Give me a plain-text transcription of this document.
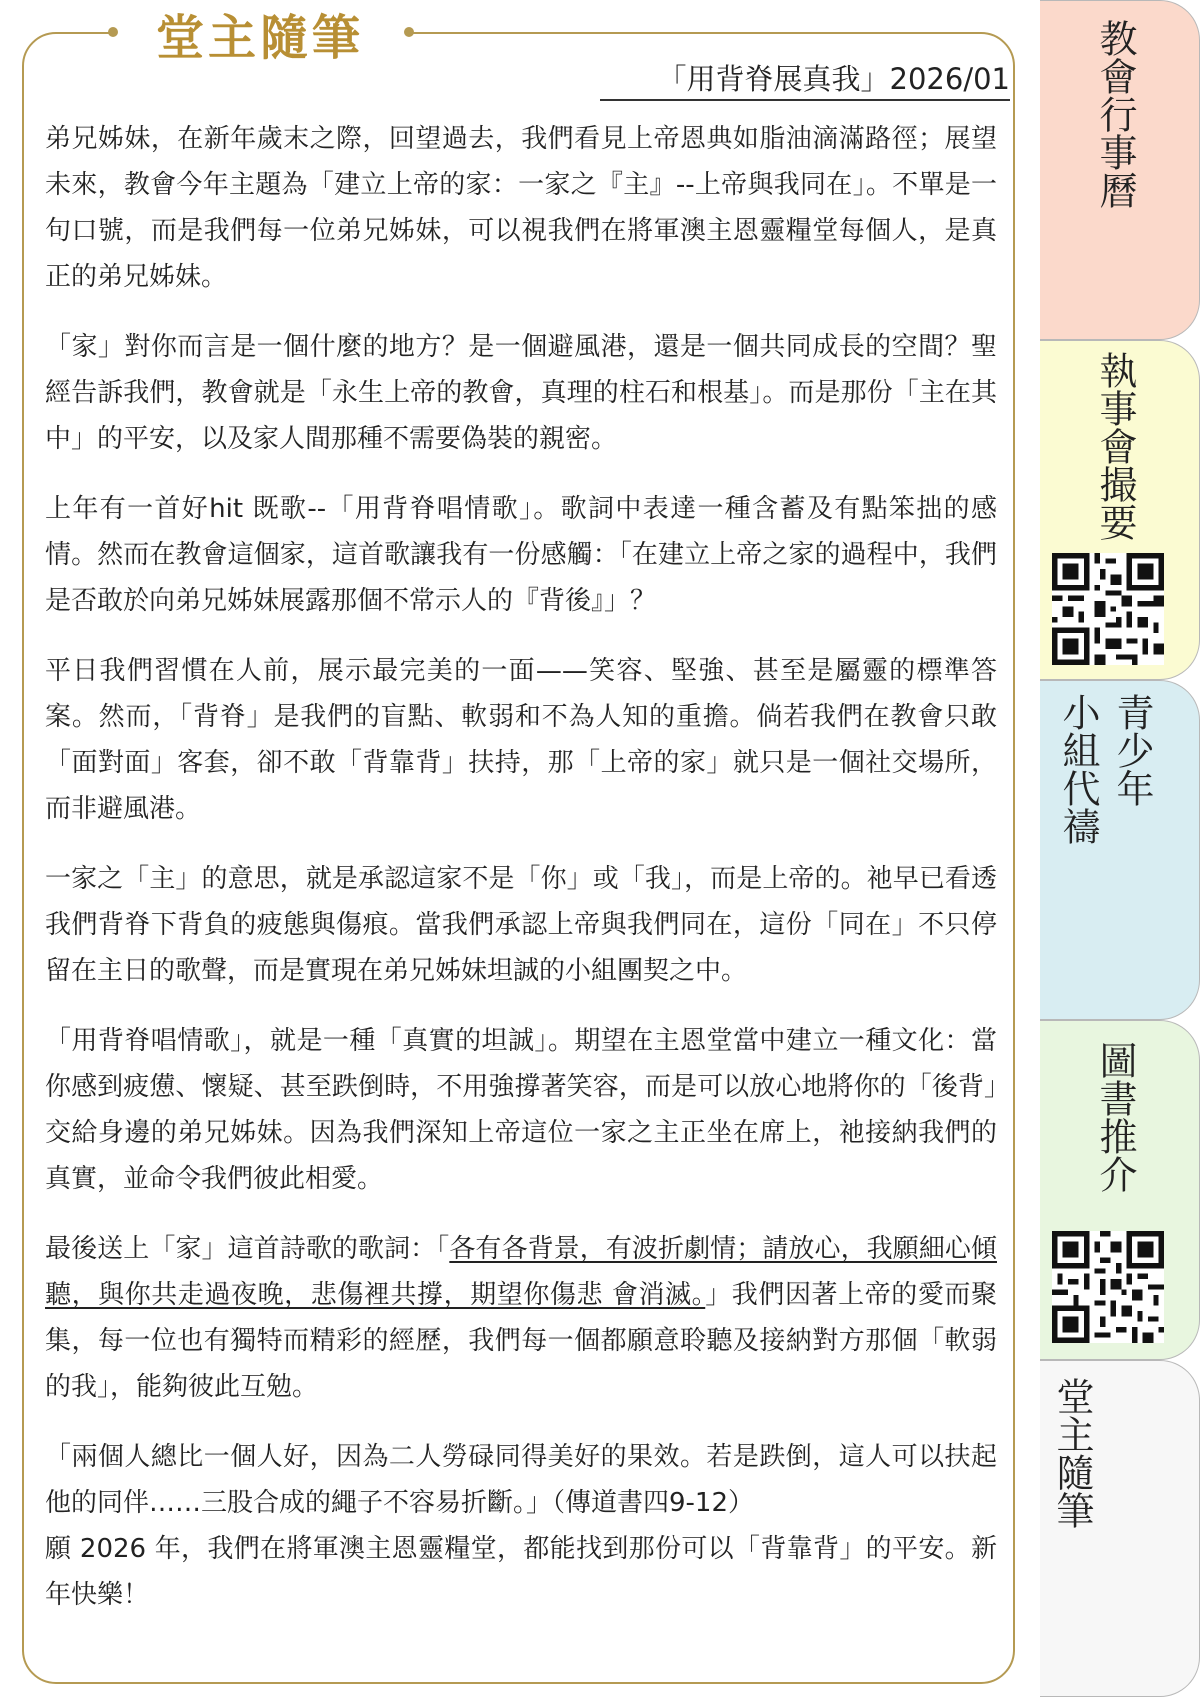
堂主隨筆
「用背脊展真我」2026/01

弟兄姊妹，在新年歲末之際，回望過去，我們看見上帝恩典如脂油滴滿路徑；展望未來，教會今年主題為「建立上帝的家：一家之『主』--上帝與我同在」。不單是一句口號，而是我們每一位弟兄姊妹，可以視我們在將軍澳主恩靈糧堂每個人，是真正的弟兄姊妹。

「家」對你而言是一個什麼的地方？是一個避風港，還是一個共同成長的空間？聖經告訴我們，教會就是「永生上帝的教會，真理的柱石和根基」。而是那份「主在其中」的平安，以及家人間那種不需要偽裝的親密。

上年有一首好hit 既歌--「用背脊唱情歌」。歌詞中表達一種含蓄及有點笨拙的感情。然而在教會這個家，這首歌讓我有一份感觸：「在建立上帝之家的過程中，我們是否敢於向弟兄姊妹展露那個不常示人的『背後』」？

平日我們習慣在人前，展示最完美的一面——笑容、堅強、甚至是屬靈的標準答案。然而，「背脊」是我們的盲點、軟弱和不為人知的重擔。倘若我們在教會只敢「面對面」客套，卻不敢「背靠背」扶持，那「上帝的家」就只是一個社交場所，而非避風港。

一家之「主」的意思，就是承認這家不是「你」或「我」，而是上帝的。祂早已看透我們背脊下背負的疲態與傷痕。當我們承認上帝與我們同在，這份「同在」不只停留在主日的歌聲，而是實現在弟兄姊妹坦誠的小組團契之中。

「用背脊唱情歌」，就是一種「真實的坦誠」。期望在主恩堂當中建立一種文化：當你感到疲憊、懷疑、甚至跌倒時，不用強撐著笑容，而是可以放心地將你的「後背」交給身邊的弟兄姊妹。因為我們深知上帝這位一家之主正坐在席上，祂接納我們的真實，並命令我們彼此相愛。

最後送上「家」這首詩歌的歌詞：「各有各背景，有波折劇情；請放心，我願細心傾聽，與你共走過夜晚，悲傷裡共撐，期望你傷悲 會消滅。」我們因著上帝的愛而聚集，每一位也有獨特而精彩的經歷，我們每一個都願意聆聽及接納對方那個「軟弱的我」，能夠彼此互勉。

「兩個人總比一個人好，因為二人勞碌同得美好的果效。若是跌倒，這人可以扶起他的同伴……三股合成的繩子不容易折斷。」（傳道書四9-12）

願 2026 年，我們在將軍澳主恩靈糧堂，都能找到那份可以「背靠背」的平安。新年快樂！

教會行事曆
執事會撮要
小組代禱 青少年
圖書推介
堂主隨筆
